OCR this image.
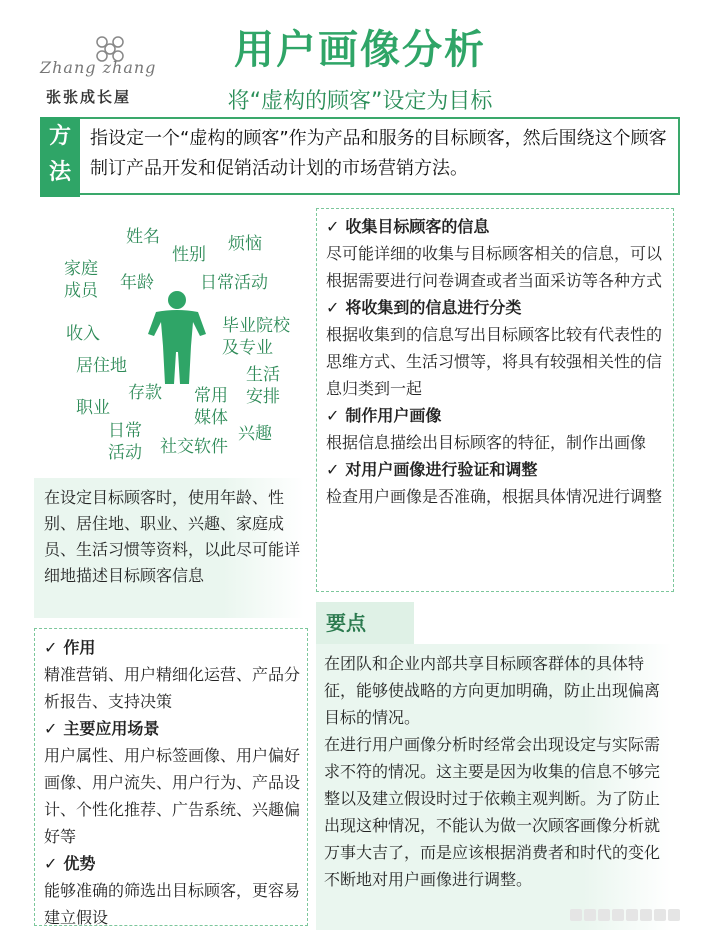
Zhang zhang
张张成长屋
用户画像分析
将“虚构的顾客”设定为目标
方法
指设定一个“虚构的顾客”作为产品和服务的目标顾客，然后围绕这个顾客制订产品开发和促销活动计划的市场营销方法。
姓名
性别
烦恼
家庭
成员	年龄	日常活动
收入	毕业院校
及专业
居住地	生活
安排
存款 常用
媒体
职业
兴趣
日常
活动 社交软件
在设定目标顾客时，使用年龄、性别、居住地、职业、兴趣、家庭成员、生活习惯等资料，以此尽可能详细地描述目标顾客信息
✓ 收集目标顾客的信息
尽可能详细的收集与目标顾客相关的信息，可以根据需要进行问卷调查或者当面采访等各种方式
✓ 将收集到的信息进行分类
根据收集到的信息写出目标顾客比较有代表性的思维方式、生活习惯等，将具有较强相关性的信息归类到一起
✓ 制作用户画像
根据信息描绘出目标顾客的特征，制作出画像
✓ 对用户画像进行验证和调整
检查用户画像是否准确，根据具体情况进行调整
✓ 作用
精准营销、用户精细化运营、产品分析报告、支持决策
✓ 主要应用场景
用户属性、用户标签画像、用户偏好画像、用户流失、用户行为、产品设计、个性化推荐、广告系统、兴趣偏好等
✓ 优势
能够准确的筛选出目标顾客，更容易建立假设
要点
在团队和企业内部共享目标顾客群体的具体特征，能够使战略的方向更加明确，防止出现偏离目标的情况。
在进行用户画像分析时经常会出现设定与实际需求不符的情况。这主要是因为收集的信息不够完整以及建立假设时过于依赖主观判断。为了防止出现这种情况，不能认为做一次顾客画像分析就万事大吉了，而是应该根据消费者和时代的变化不断地对用户画像进行调整。
